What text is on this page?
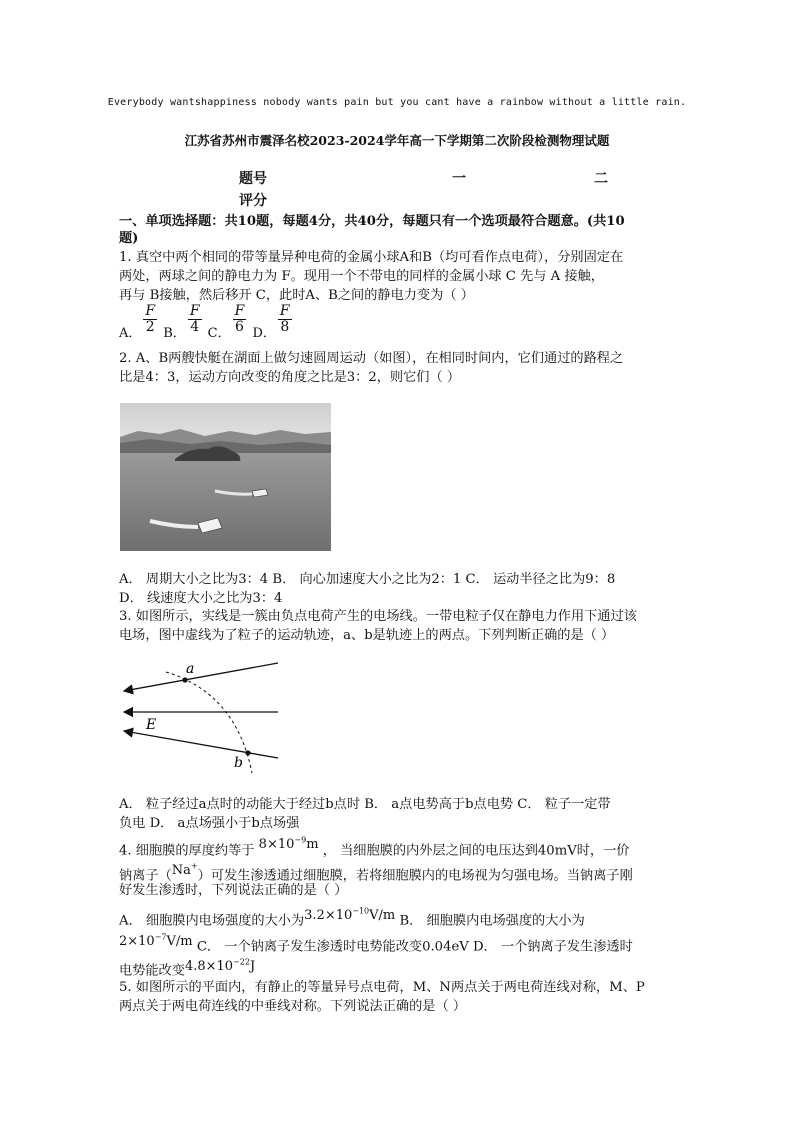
Everybody wantshappiness nobody wants pain but you cant have a rainbow without a little rain.
江苏省苏州市震泽名校2023-2024学年高一下学期第二次阶段检测物理试题
题号
评分
一	二
一、单项选择题：共10题，每题4分，共40分，每题只有一个选项最符合题意。(共10
题)
1. 真空中两个相同的带等量异种电荷的金属小球A和B（均可看作点电荷），分别固定在
两处，两球之间的静电力为 F。现用一个不带电的同样的金属小球 C 先与 A 接触，
再与 B接触，然后移开 C，此时A、B之间的静电力变为（ ）
A． $\frac{F}{2}$ B． $\frac{F}{4}$ C． $\frac{F}{6}$ D． $\frac{F}{8}$
2. A、B两艘快艇在湖面上做匀速圆周运动（如图），在相同时间内，它们通过的路程之
比是4：3，运动方向改变的角度之比是3：2，则它们（ ）
A． 周期大小之比为3：4 B． 向心加速度大小之比为2：1 C． 运动半径之比为9：8
D． 线速度大小之比为3：4
3. 如图所示，实线是一簇由负点电荷产生的电场线。一带电粒子仅在静电力作用下通过该
电场，图中虚线为了粒子的运动轨迹，a、b是轨迹上的两点。下列判断正确的是（ ）
a
b
E
A． 粒子经过a点时的动能大于经过b点时 B． a点电势高于b点电势 C． 粒子一定带
负电 D． a点场强小于b点场强
4. 细胞膜的厚度约等于 $8\times 10^{-9}m$ ， 当细胞膜的内外层之间的电压达到40mV时，一价
钠离子（Na+）可发生渗透通过细胞膜，若将细胞膜内的电场视为匀强电场。当钠离子刚
好发生渗透时，下列说法正确的是（ ）
A． 细胞膜内电场强度的大小为$3.2\times 10^{-10}V/m$ B． 细胞膜内电场强度的大小为
$2\times 10^{-7}V/m$ C． 一个钠离子发生渗透时电势能改变0.04eV D． 一个钠离子发生渗透时
电势能改变$4.8\times 10^{-22}J$
5. 如图所示的平面内，有静止的等量异号点电荷，M、N两点关于两电荷连线对称，M、P
两点关于两电荷连线的中垂线对称。下列说法正确的是（ ）
